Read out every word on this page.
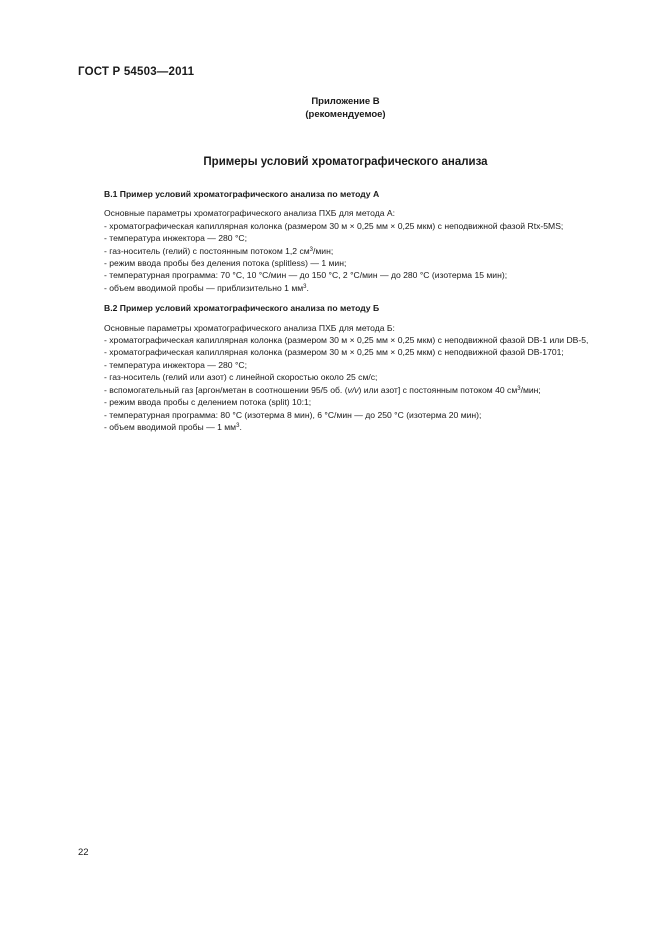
ГОСТ Р 54503—2011
Приложение В
(рекомендуемое)
Примеры условий хроматографического анализа

В.1 Пример условий хроматографического анализа по методу А

Основные параметры хроматографического анализа ПХБ для метода А:

- хроматографическая капиллярная колонка (размером 30 м × 0,25 мм × 0,25 мкм) с неподвижной фазой Rtx-5MS;

- температура инжектора — 280 °С;

- газ-носитель (гелий) с постоянным потоком 1,2 $см^3$/мин;

- режим ввода пробы без деления потока (splitless) — 1 мин;

- температурная программа: 70 °С, 10 °С/мин — до 150 °С, 2 °С/мин — до 280 °С (изотерма 15 мин);

- объем вводимой пробы — приблизительно 1 $мм^3$.

В.2 Пример условий хроматографического анализа по методу Б

Основные параметры хроматографического анализа ПХБ для метода Б:

- хроматографическая капиллярная колонка (размером 30 м × 0,25 мм × 0,25 мкм) с неподвижной фазой DB-1 или DB-5,

- хроматографическая капиллярная колонка (размером 30 м × 0,25 мм × 0,25 мкм) с неподвижной фазой DB-1701;

- температура инжектора — 280 °С;

- газ-носитель (гелий или азот) с линейной скоростью около 25 см/с;

- вспомогательный газ [аргон/метан в соотношении 95/5 об. (v/v) или азот] с постоянным потоком 40 $см^3$/мин;

- режим ввода пробы с делением потока (split) 10:1;

- температурная программа: 80 °С (изотерма 8 мин), 6 °С/мин — до 250 °С (изотерма 20 мин);

- объем вводимой пробы — 1 $мм^3$.

22
